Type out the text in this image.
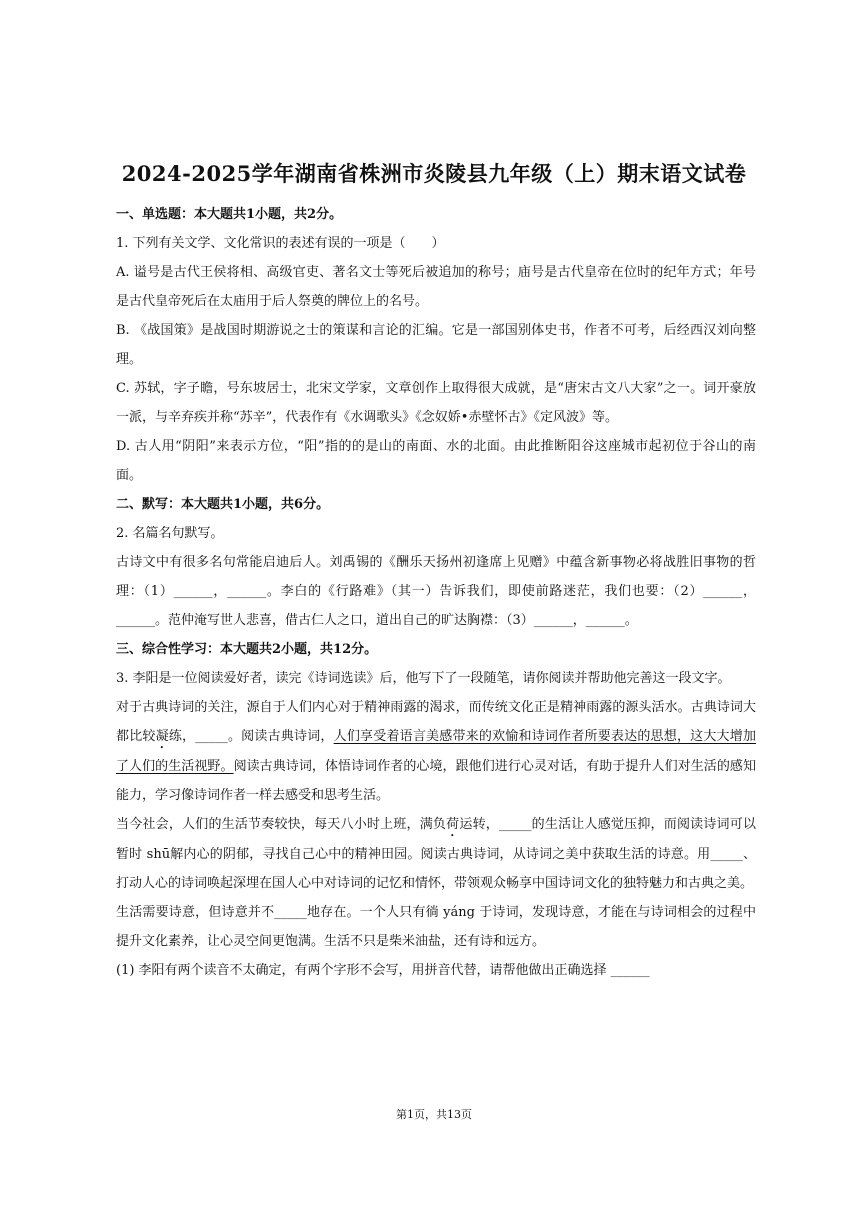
2024-2025学年湖南省株洲市炎陵县九年级（上）期末语文试卷

一、单选题：本大题共1小题，共2分。

1. 下列有关文学、文化常识的表述有误的一项是（　　）

A. 谥号是古代王侯将相、高级官吏、著名文士等死后被追加的称号；庙号是古代皇帝在位时的纪年方式；年号是古代皇帝死后在太庙用于后人祭奠的牌位上的名号。

B. 《战国策》是战国时期游说之士的策谋和言论的汇编。它是一部国别体史书，作者不可考，后经西汉刘向整理。

C. 苏轼，字子瞻，号东坡居士，北宋文学家，文章创作上取得很大成就，是“唐宋古文八大家”之一。词开豪放一派，与辛弃疾并称“苏辛”，代表作有《水调歌头》《念奴娇•赤壁怀古》《定风波》等。

D. 古人用“阴阳”来表示方位，“阳”指的的是山的南面、水的北面。由此推断阳谷这座城市起初位于谷山的南面。

二、默写：本大题共1小题，共6分。

2. 名篇名句默写。

古诗文中有很多名句常能启迪后人。刘禹锡的《酬乐天扬州初逢席上见赠》中蕴含新事物必将战胜旧事物的哲理：（1）______，______。李白的《行路难》（其一）告诉我们，即使前路迷茫，我们也要：（2）______，______。范仲淹写世人悲喜，借古仁人之口，道出自己的旷达胸襟：（3）______，______。

三、综合性学习：本大题共2小题，共12分。

3. 李阳是一位阅读爱好者，读完《诗词选读》后，他写下了一段随笔，请你阅读并帮助他完善这一段文字。

对于古典诗词的关注，源自于人们内心对于精神雨露的渴求，而传统文化正是精神雨露的源头活水。古典诗词大都比较凝练，_____。阅读古典诗词，人们享受着语言美感带来的欢愉和诗词作者所要表达的思想，这大大增加了人们的生活视野。阅读古典诗词，体悟诗词作者的心境，跟他们进行心灵对话，有助于提升人们对生活的感知能力，学习像诗词作者一样去感受和思考生活。

当今社会，人们的生活节奏较快，每天八小时上班，满负荷运转，_____的生活让人感觉压抑，而阅读诗词可以暂时 shū解内心的阴郁，寻找自己心中的精神田园。阅读古典诗词，从诗词之美中获取生活的诗意。用_____、打动人心的诗词唤起深埋在国人心中对诗词的记忆和情怀，带领观众畅享中国诗词文化的独特魅力和古典之美。

生活需要诗意，但诗意并不_____地存在。一个人只有徜 yáng 于诗词，发现诗意，才能在与诗词相会的过程中提升文化素养，让心灵空间更饱满。生活不只是柴米油盐，还有诗和远方。

(1) 李阳有两个读音不太确定，有两个字形不会写，用拼音代替，请帮他做出正确选择 ______

第1页，共13页
